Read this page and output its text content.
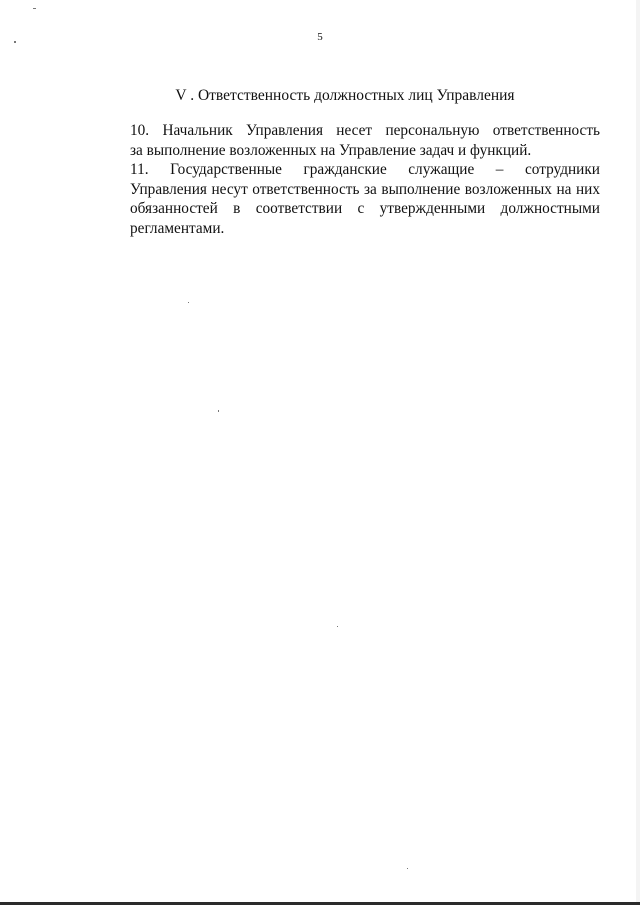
5
V . Ответственность должностных лиц Управления

10. Начальник Управления несет персональную ответственность
за выполнение возложенных на Управление задач и функций.

11. Государственные гражданские служащие – сотрудники
Управления несут ответственность за выполнение возложенных на них
обязанностей в соответствии с утвержденными должностными
регламентами.
